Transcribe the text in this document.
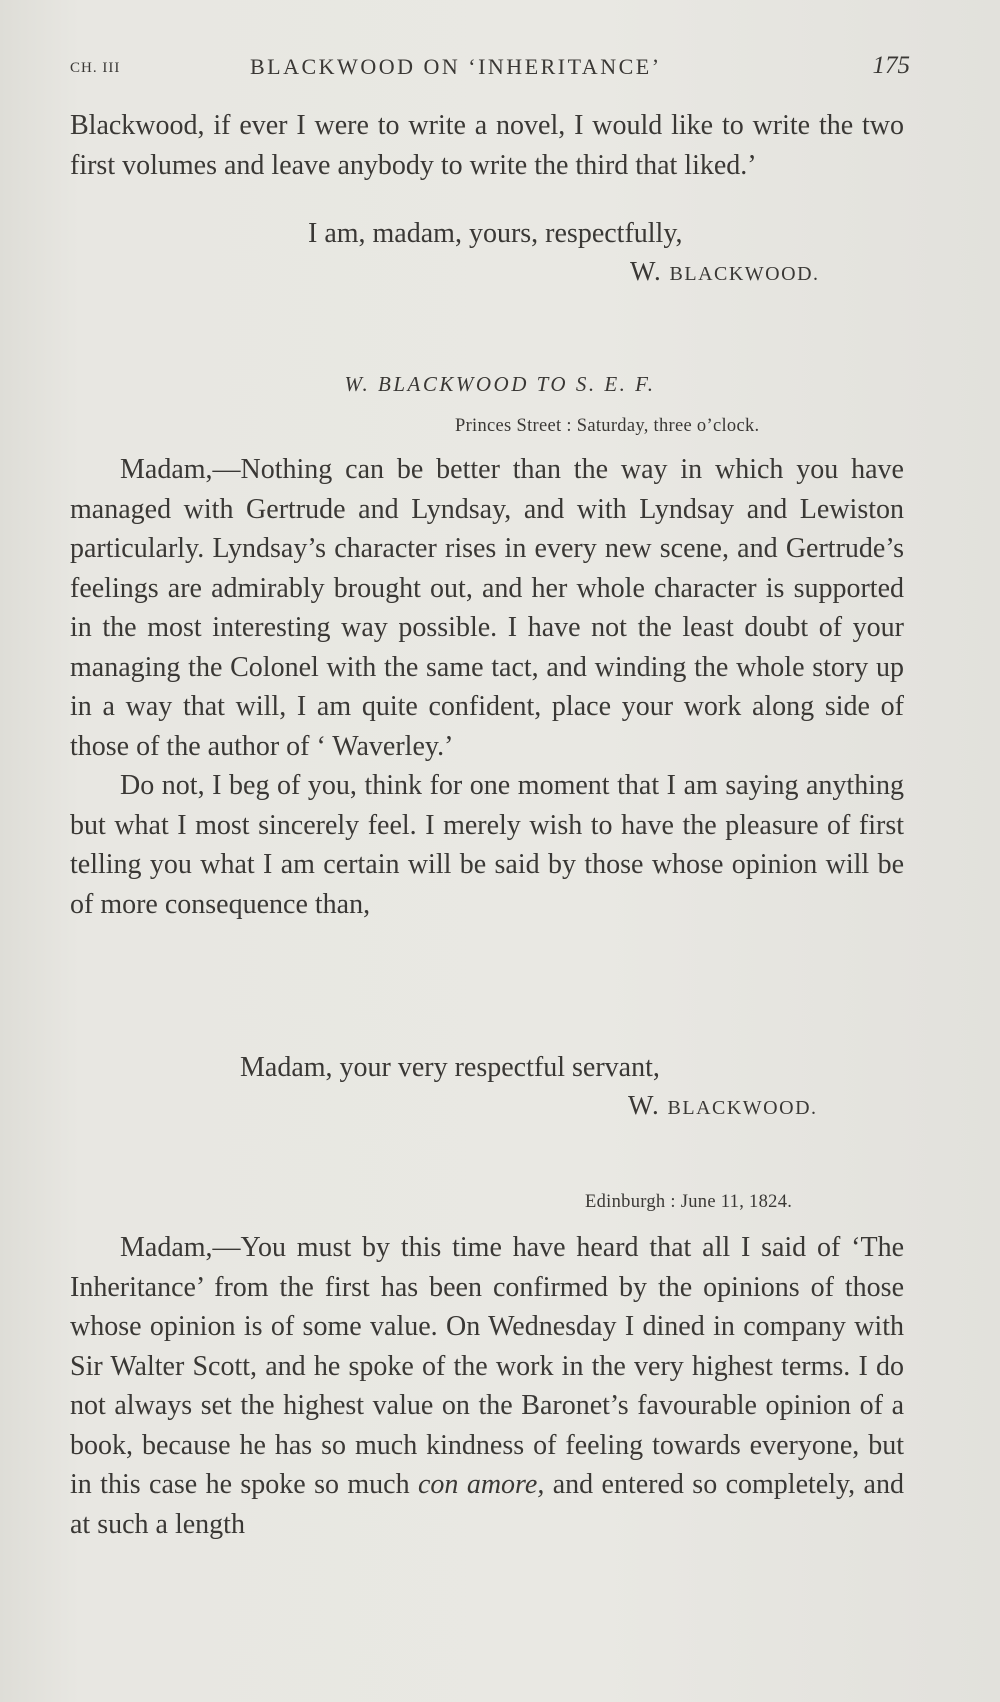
CH. III	BLACKWOOD ON ‘INHERITANCE’	175

Blackwood, if ever I were to write a novel, I would like to write the two first volumes and leave anybody to write the third that liked.’

I am, madam, yours, respectfully,
W. BLACKWOOD.
W. BLACKWOOD TO S. E. F.
Princes Street : Saturday, three o’clock.

Madam,—Nothing can be better than the way in which you have managed with Gertrude and Lyndsay, and with Lyndsay and Lewiston particularly. Lyndsay’s character rises in every new scene, and Gertrude’s feelings are admirably brought out, and her whole character is supported in the most interesting way possible. I have not the least doubt of your managing the Colonel with the same tact, and winding the whole story up in a way that will, I am quite confident, place your work along side of those of the author of ‘ Waverley.’

Do not, I beg of you, think for one moment that I am saying anything but what I most sincerely feel. I merely wish to have the pleasure of first telling you what I am certain will be said by those whose opinion will be of more consequence than,

Madam, your very respectful servant,
W. BLACKWOOD.
Edinburgh : June 11, 1824.

Madam,—You must by this time have heard that all I said of ‘The Inheritance’ from the first has been confirmed by the opinions of those whose opinion is of some value. On Wednesday I dined in company with Sir Walter Scott, and he spoke of the work in the very highest terms. I do not always set the highest value on the Baronet’s favourable opinion of a book, because he has so much kindness of feeling towards everyone, but in this case he spoke so much con amore, and entered so completely, and at such a length
